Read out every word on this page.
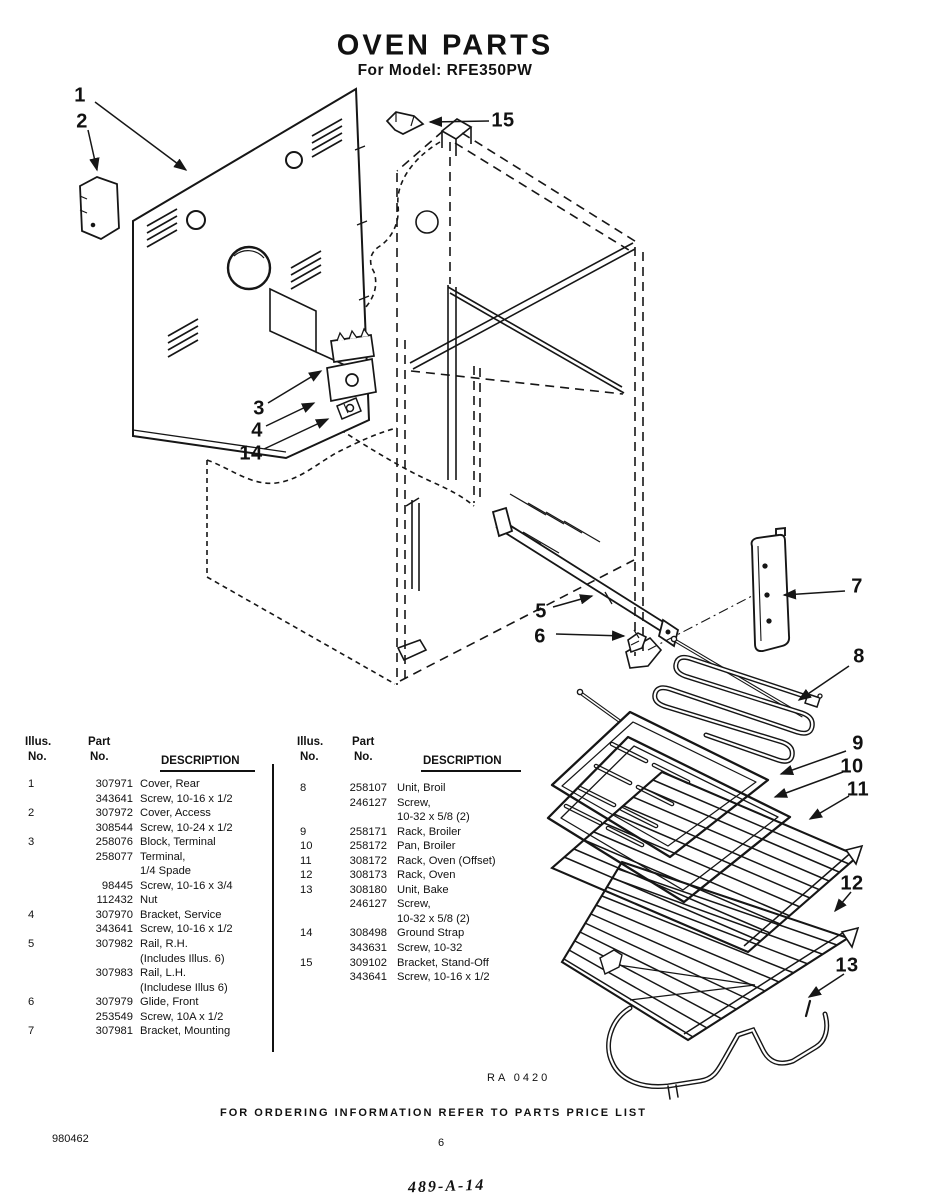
OVEN PARTS
For Model: RFE350PW
1
2
3
4
14
15
5
6
7
8
9
10
11
12
13
Illus.
No.
Part
No.	DESCRIPTION
1	307971 Cover, Rear
343641 Screw, 10-16 x 1/2
2	307972 Cover, Access
308544 Screw, 10-24 x 1/2
3	258076 Block, Terminal
258077 Terminal,
1/4 Spade
98445 Screw, 10-16 x 3/4
112432 Nut
4	307970 Bracket, Service
343641 Screw, 10-16 x 1/2
5	307982 Rail, R.H.
(Includes Illus. 6)
307983 Rail, L.H.
(Includese Illus 6)
6	307979 Glide, Front
253549 Screw, 10A x 1/2
7	307981 Bracket, Mounting
Illus.
No.
Part
No.	DESCRIPTION
8	258107 Unit, Broil
246127 Screw,
10-32 x 5/8 (2)
9	258171 Rack, Broiler
10	258172 Pan, Broiler
11	308172 Rack, Oven (Offset)
12	308173 Rack, Oven
13	308180 Unit, Bake
246127 Screw,
10-32 x 5/8 (2)
14	308498 Ground Strap
343631 Screw, 10-32
15	309102 Bracket, Stand-Off
343641 Screw, 10-16 x 1/2
RA 0420
FOR ORDERING INFORMATION REFER TO PARTS PRICE LIST
980462	6
489-A-14
